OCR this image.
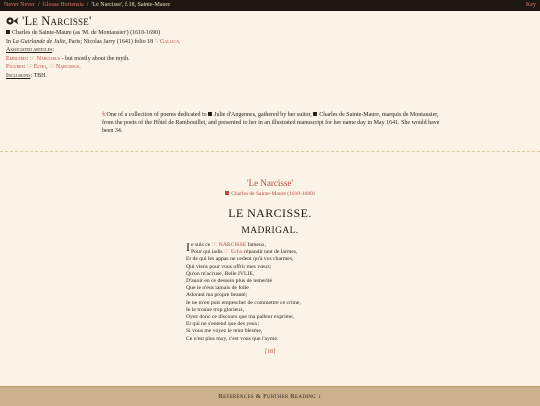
Never Never / Glossa Hortensia / 'Le Narcisse', f.18, Sainte-Maure	Key
'Le Narcisse'
Charles de Sainte-Maure (as 'M. de Montausier') (1610-1690)
In La Guirlande de Julie, Paris; Nicolas Jarry (1641) folio 18 ☞Gallica.
Associated articles:
Emblems: ☞ Narcissus - but mostly about the myth.
Figures: ☞ Echo, ☞ Narcissus.
Inclusions: TBH.
§ One of a collection of poems dedicated to Julie d'Angennes, gathered by her suitor, Charles de Sainte-Maure, marquis de Montausier, from the poets of the Hôtel de Rambouillet, and presented to her in an illustrated manuscript for her name day in May 1641. She would have been 34.
'Le Narcisse'
Charles de Sainte-Maure (1610-1690)
LE NARCISSE.
MADRIGAL.
I e suis ce ☞ NARCISSE fameux,
Pour qui iadis ☞ Echo répandit tant de larmes,
Et de qui les appas ne cedent qu'à vos charmes,
Qui viens pour vous offrir mes vœux;
Qu'on m'accuse, Belle IVLIE,
D'auoir en ce dessein plus de temerité
Que ie n'eus iamais de folie
Adorant ma propre beauté;
Ie ne m'en puis empescher de commettre ce crime,
Ie le trouue trop glorieux,
Oyez donc ce discours que ma palleur exprime,
Et qui ne s'entend que des yeux;
Si vous me voyez le teint blesme,
Ce n'est plus moy, c'est vous que i'ayme.
[18]
References & Further Reading ↕
